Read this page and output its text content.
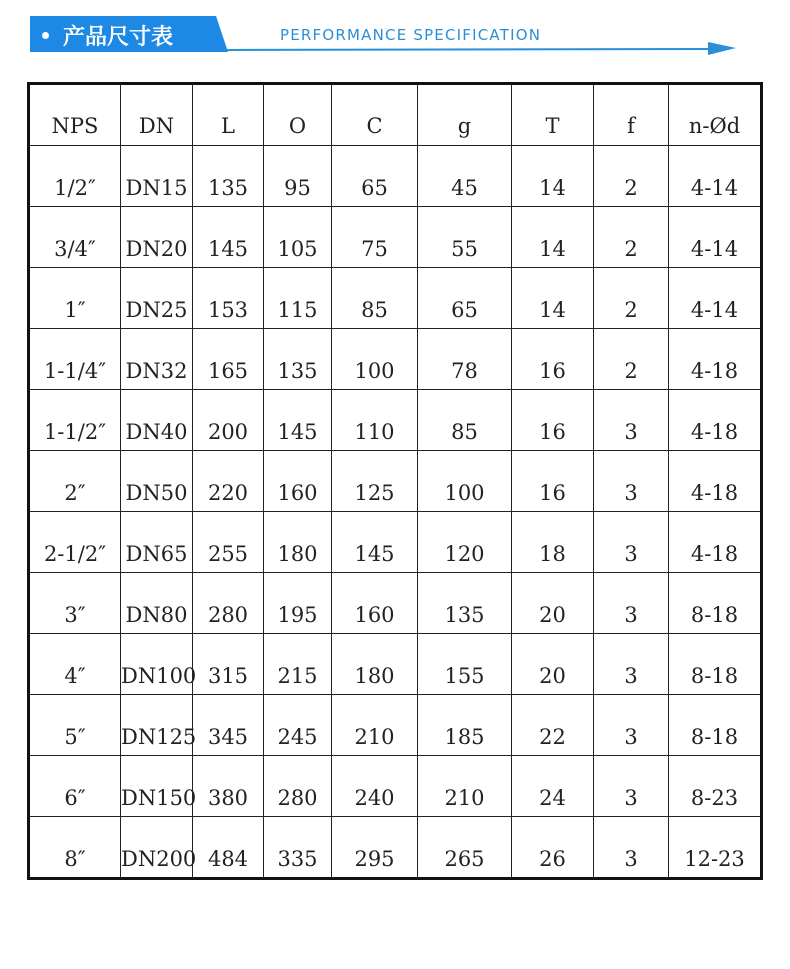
产品尺寸表	PERFORMANCE SPECIFICATION
NPS	DN	L	O	C	g	T	f	n-Ød
1/2″	DN15	135	95	65	45	14	2	4-14
3/4″	DN20	145	105	75	55	14	2	4-14
1″	DN25	153	115	85	65	14	2	4-14
1-1/4″	DN32	165	135	100	78	16	2	4-18
1-1/2″	DN40	200	145	110	85	16	3	4-18
2″	DN50	220	160	125	100	16	3	4-18
2-1/2″	DN65	255	180	145	120	18	3	4-18
3″	DN80	280	195	160	135	20	3	8-18
4″	DN100	315	215	180	155	20	3	8-18
5″	DN125	345	245	210	185	22	3	8-18
6″	DN150	380	280	240	210	24	3	8-23
8″	DN200	484	335	295	265	26	3	12-23
